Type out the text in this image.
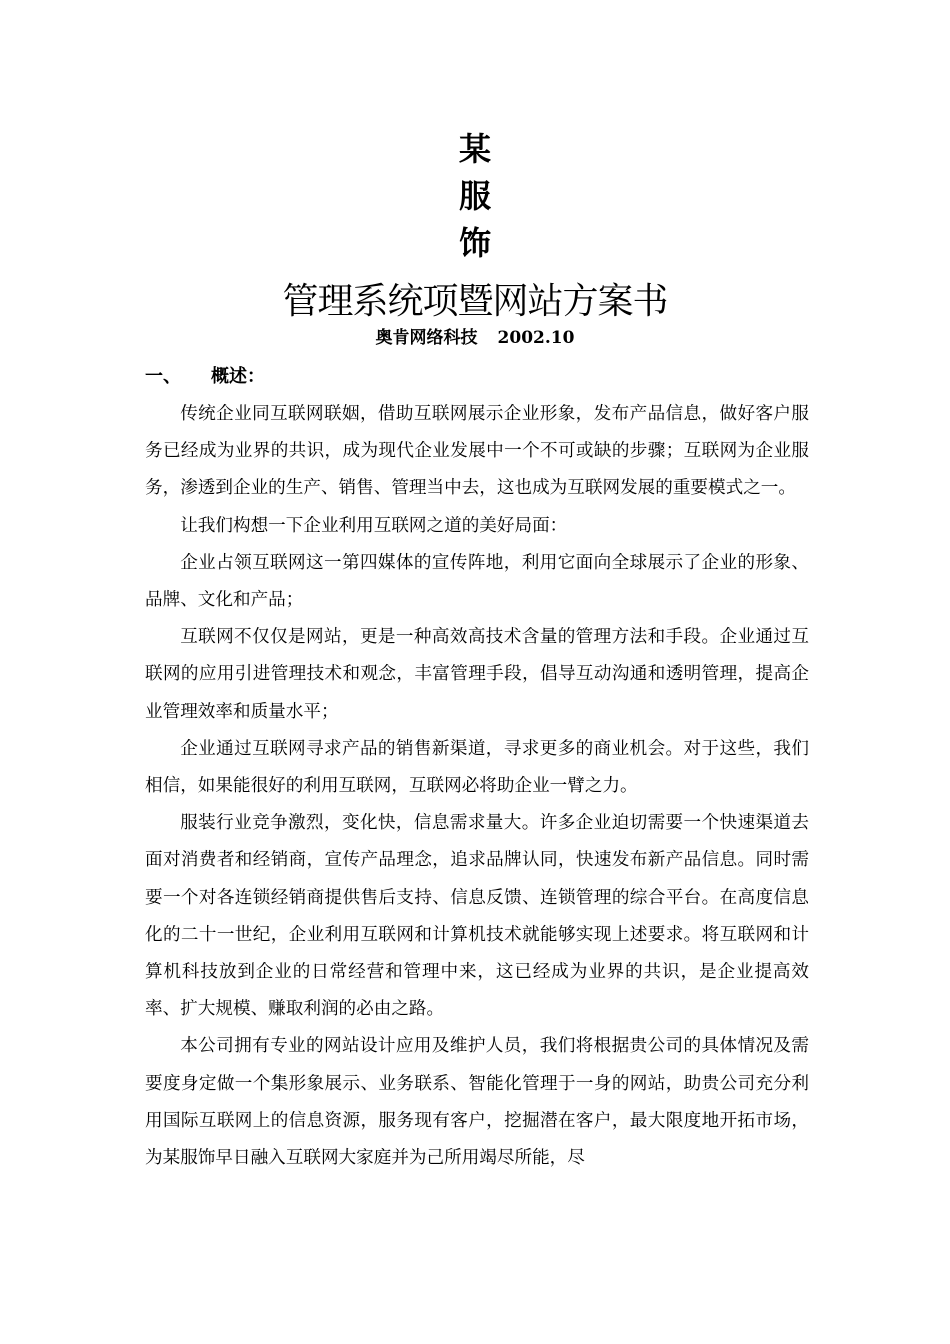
某
服
饰
管理系统项暨网站方案书
奥肯网络科技 2002.10
一、 概述：

传统企业同互联网联姻，借助互联网展示企业形象，发布产品信息，做好客户服务已经成为业界的共识，成为现代企业发展中一个不可或缺的步骤；互联网为企业服务，渗透到企业的生产、销售、管理当中去，这也成为互联网发展的重要模式之一。

让我们构想一下企业利用互联网之道的美好局面：

企业占领互联网这一第四媒体的宣传阵地，利用它面向全球展示了企业的形象、品牌、文化和产品；

互联网不仅仅是网站，更是一种高效高技术含量的管理方法和手段。企业通过互联网的应用引进管理技术和观念，丰富管理手段，倡导互动沟通和透明管理，提高企业管理效率和质量水平；

企业通过互联网寻求产品的销售新渠道，寻求更多的商业机会。对于这些，我们相信，如果能很好的利用互联网，互联网必将助企业一臂之力。

服装行业竞争激烈，变化快，信息需求量大。许多企业迫切需要一个快速渠道去面对消费者和经销商，宣传产品理念，追求品牌认同，快速发布新产品信息。同时需要一个对各连锁经销商提供售后支持、信息反馈、连锁管理的综合平台。在高度信息化的二十一世纪，企业利用互联网和计算机技术就能够实现上述要求。将互联网和计算机科技放到企业的日常经营和管理中来，这已经成为业界的共识，是企业提高效率、扩大规模、赚取利润的必由之路。

本公司拥有专业的网站设计应用及维护人员，我们将根据贵公司的具体情况及需要度身定做一个集形象展示、业务联系、智能化管理于一身的网站，助贵公司充分利用国际互联网上的信息资源，服务现有客户，挖掘潜在客户，最大限度地开拓市场，为某服饰早日融入互联网大家庭并为己所用竭尽所能，尽
